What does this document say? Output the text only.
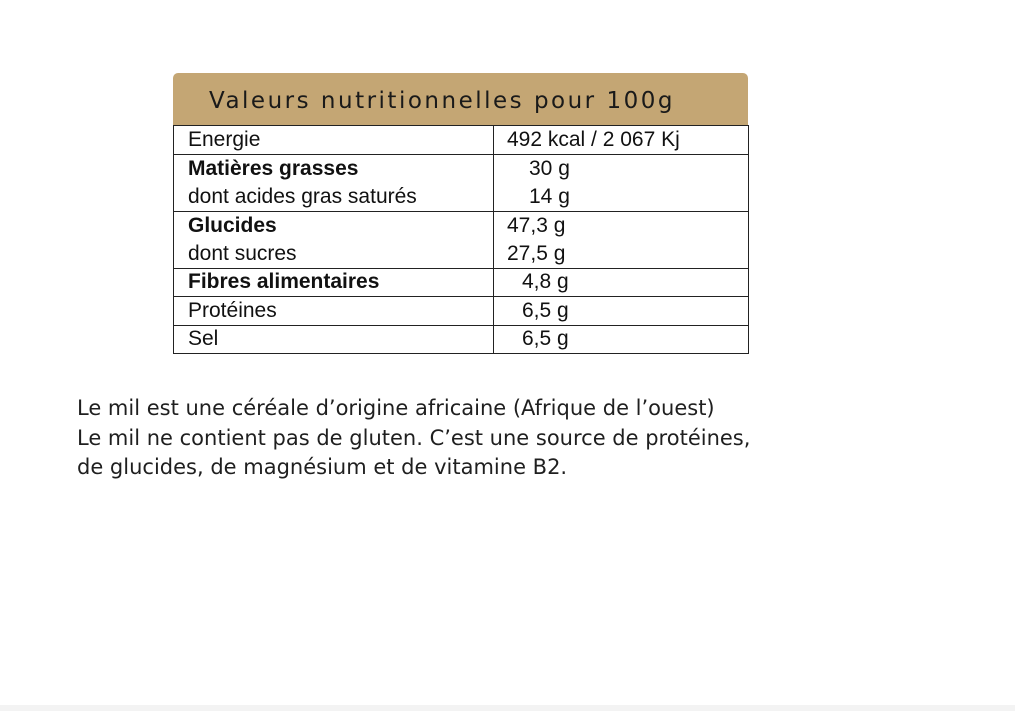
Valeurs nutritionnelles pour 100g
Energie	492 kcal / 2 067 Kj
Matières grasses	30 g
dont acides gras saturés	14 g
Glucides	47,3 g
dont sucres	27,5 g
Fibres alimentaires	4,8 g
Protéines	6,5 g
Sel	6,5 g

Le mil est une céréale d’origine africaine (Afrique de l’ouest)

Le mil ne contient pas de gluten. C’est une source de protéines,

de glucides, de magnésium et de vitamine B2.

 ​
